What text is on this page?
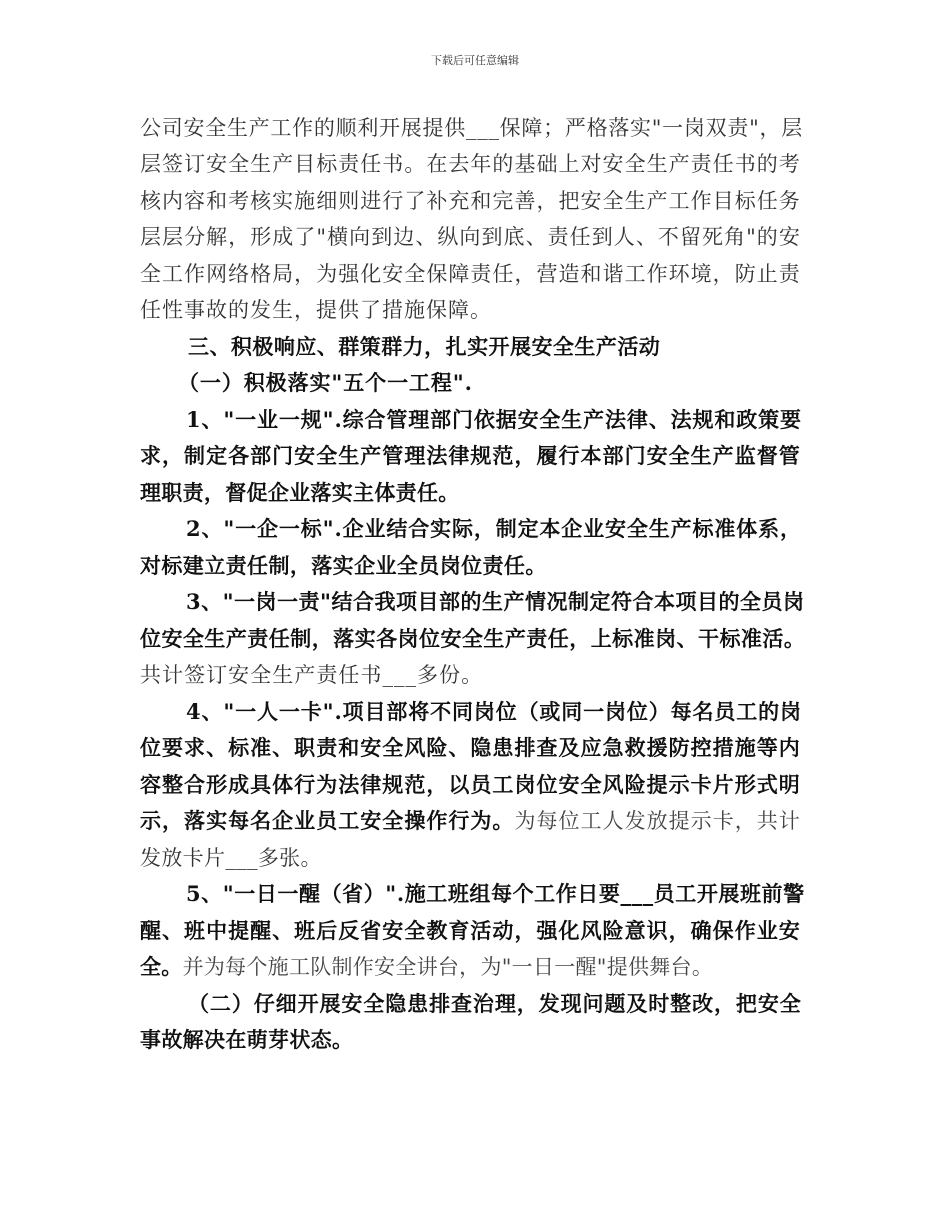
下载后可任意编辑
公司安全生产工作的顺利开展提供___保障；严格落实"一岗双责"，层
层签订安全生产目标责任书。在去年的基础上对安全生产责任书的考
核内容和考核实施细则进行了补充和完善，把安全生产工作目标任务
层层分解，形成了"横向到边、纵向到底、责任到人、不留死角"的安
全工作网络格局，为强化安全保障责任，营造和谐工作环境，防止责
任性事故的发生，提供了措施保障。
三、积极响应、群策群力，扎实开展安全生产活动
（一）积极落实"五个一工程".
1、"一业一规".综合管理部门依据安全生产法律、法规和政策要
求，制定各部门安全生产管理法律规范，履行本部门安全生产监督管
理职责，督促企业落实主体责任。
2、"一企一标".企业结合实际，制定本企业安全生产标准体系，
对标建立责任制，落实企业全员岗位责任。
3、"一岗一责"结合我项目部的生产情况制定符合本项目的全员岗
位安全生产责任制，落实各岗位安全生产责任，上标准岗、干标准活。
共计签订安全生产责任书___多份。
4、"一人一卡".项目部将不同岗位（或同一岗位）每名员工的岗
位要求、标准、职责和安全风险、隐患排查及应急救援防控措施等内
容整合形成具体行为法律规范，以员工岗位安全风险提示卡片形式明
示，落实每名企业员工安全操作行为。为每位工人发放提示卡，共计
发放卡片___多张。
5、"一日一醒（省）".施工班组每个工作日要___员工开展班前警
醒、班中提醒、班后反省安全教育活动，强化风险意识，确保作业安
全。并为每个施工队制作安全讲台，为"一日一醒"提供舞台。
（二）仔细开展安全隐患排查治理，发现问题及时整改，把安全
事故解决在萌芽状态。
